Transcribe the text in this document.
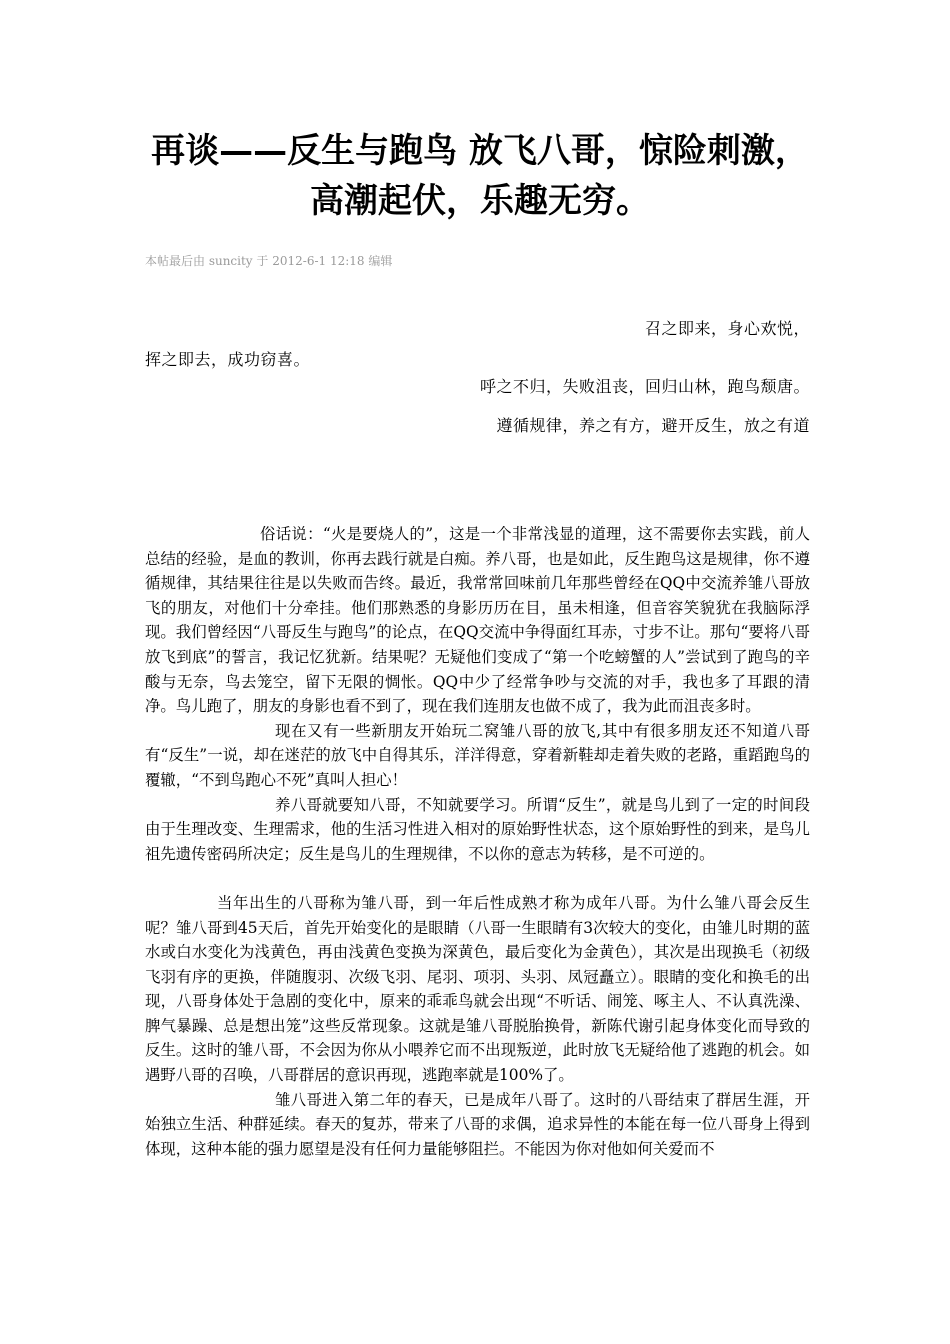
再谈——反生与跑鸟 放飞八哥，惊险刺激，
高潮起伏，乐趣无穷。
本帖最后由 suncity 于 2012-6-1 12:18 编辑
召之即来，身心欢悦，
挥之即去，成功窃喜。
呼之不归，失败沮丧，回归山林，跑鸟颓唐。
遵循规律，养之有方，避开反生，放之有道

俗话说：“火是要烧人的”，这是一个非常浅显的道理，这不需要你去实践，前人总结的经验，是血的教训，你再去践行就是白痴。养八哥，也是如此，反生跑鸟这是规律，你不遵循规律，其结果往往是以失败而告终。最近，我常常回味前几年那些曾经在QQ中交流养雏八哥放飞的朋友，对他们十分牵挂。他们那熟悉的身影历历在目，虽未相逢，但音容笑貌犹在我脑际浮现。我们曾经因“八哥反生与跑鸟”的论点，在QQ交流中争得面红耳赤，寸步不让。那句“要将八哥放飞到底”的誓言，我记忆犹新。结果呢？无疑他们变成了“第一个吃螃蟹的人”尝试到了跑鸟的辛酸与无奈，鸟去笼空，留下无限的惆怅。QQ中少了经常争吵与交流的对手，我也多了耳跟的清净。鸟儿跑了，朋友的身影也看不到了，现在我们连朋友也做不成了，我为此而沮丧多时。

现在又有一些新朋友开始玩二窝雏八哥的放飞,其中有很多朋友还不知道八哥有“反生”一说，却在迷茫的放飞中自得其乐，洋洋得意，穿着新鞋却走着失败的老路，重蹈跑鸟的覆辙，“不到鸟跑心不死”真叫人担心！

养八哥就要知八哥，不知就要学习。所谓“反生”，就是鸟儿到了一定的时间段由于生理改变、生理需求，他的生活习性进入相对的原始野性状态，这个原始野性的到来，是鸟儿祖先遗传密码所决定；反生是鸟儿的生理规律，不以你的意志为转移，是不可逆的。

当年出生的八哥称为雏八哥，到一年后性成熟才称为成年八哥。为什么雏八哥会反生呢？雏八哥到45天后，首先开始变化的是眼睛（八哥一生眼睛有3次较大的变化，由雏儿时期的蓝水或白水变化为浅黄色，再由浅黄色变换为深黄色，最后变化为金黄色），其次是出现换毛（初级飞羽有序的更换，伴随腹羽、次级飞羽、尾羽、项羽、头羽、凤冠矗立）。眼睛的变化和换毛的出现，八哥身体处于急剧的变化中，原来的乖乖鸟就会出现“不听话、闹笼、啄主人、不认真洗澡、脾气暴躁、总是想出笼”这些反常现象。这就是雏八哥脱胎换骨，新陈代谢引起身体变化而导致的反生。这时的雏八哥，不会因为你从小喂养它而不出现叛逆，此时放飞无疑给他了逃跑的机会。如遇野八哥的召唤，八哥群居的意识再现，逃跑率就是100%了。

雏八哥进入第二年的春天，已是成年八哥了。这时的八哥结束了群居生涯，开始独立生活、种群延续。春天的复苏，带来了八哥的求偶，追求异性的本能在每一位八哥身上得到体现，这种本能的强力愿望是没有任何力量能够阻拦。不能因为你对他如何关爱而不
